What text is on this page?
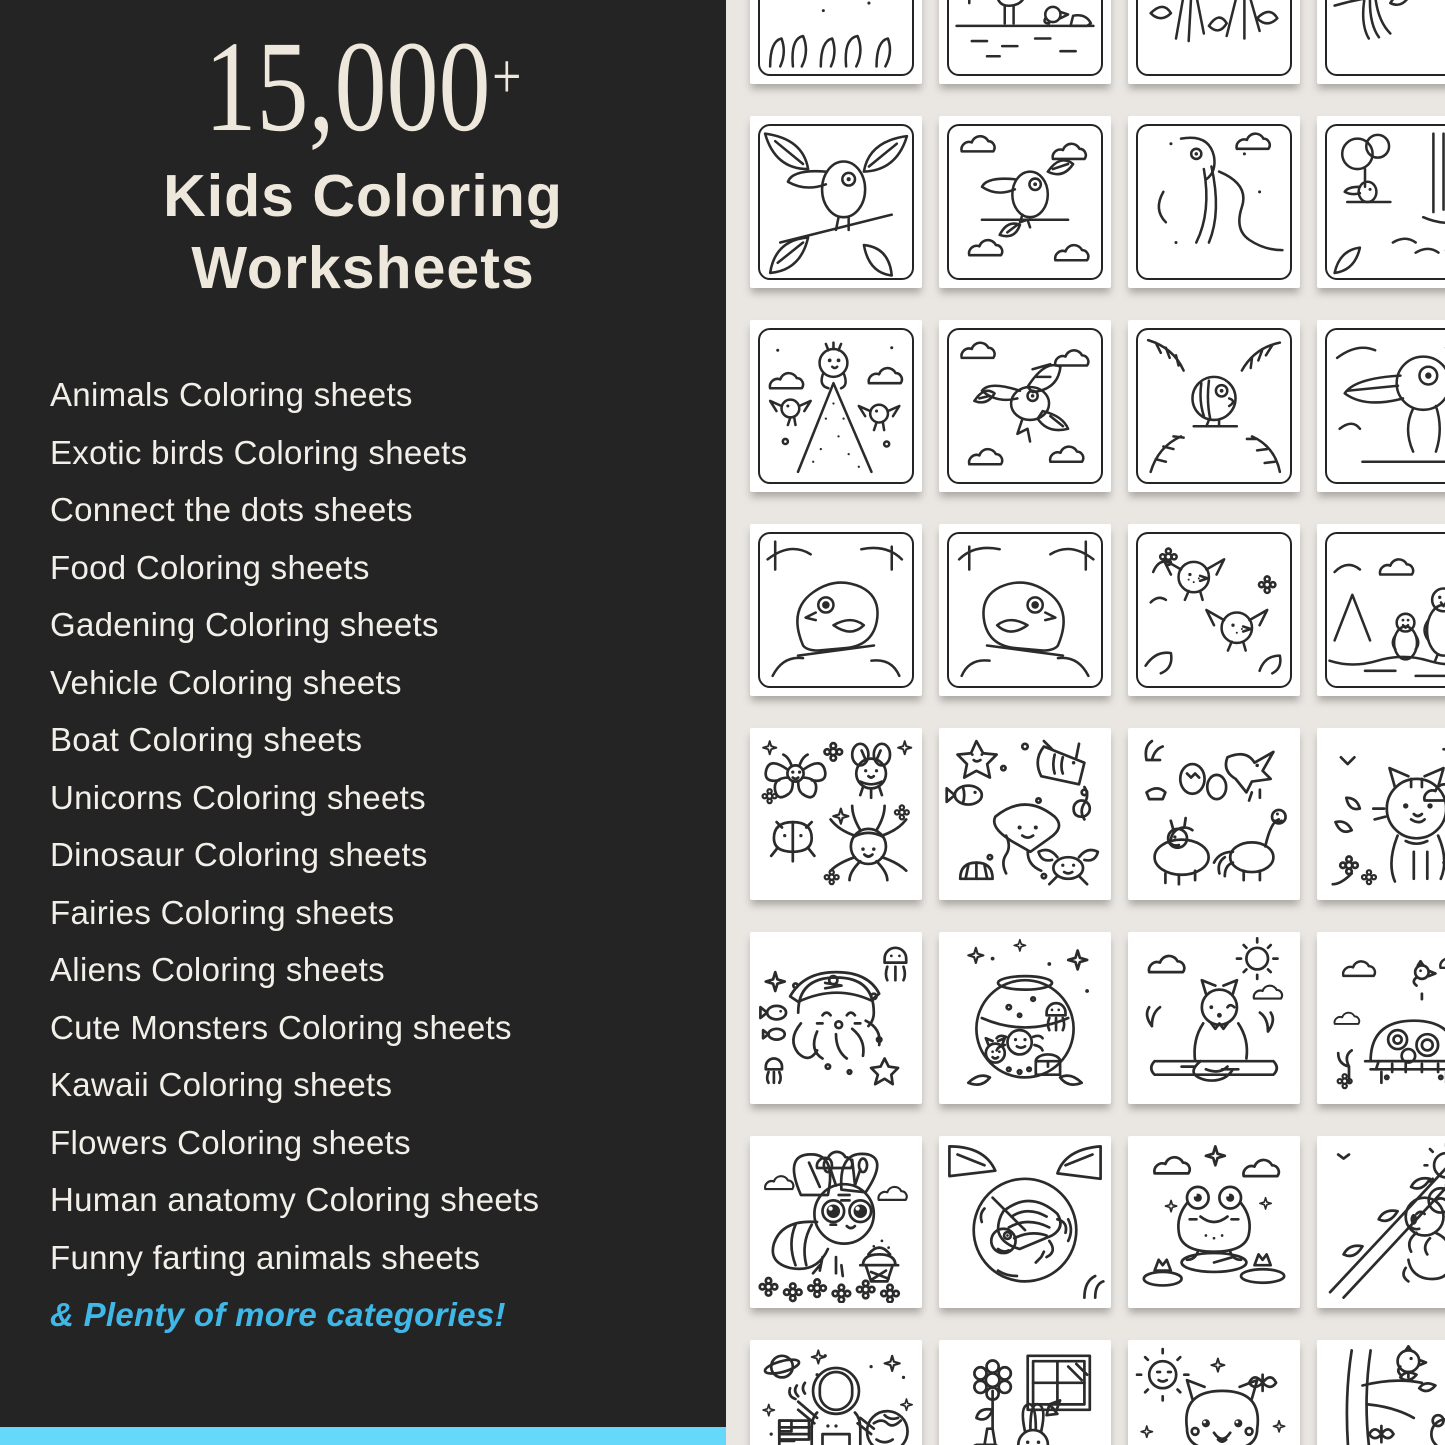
15,000+
Kids Coloring
Worksheets
Animals Coloring sheets
Exotic birds Coloring sheets
Connect the dots sheets
Food Coloring sheets
Gadening Coloring sheets
Vehicle Coloring sheets
Boat Coloring sheets
Unicorns Coloring sheets
Dinosaur Coloring sheets
Fairies Coloring sheets
Aliens Coloring sheets
Cute Monsters Coloring sheets
Kawaii Coloring sheets
Flowers Coloring sheets
Human anatomy Coloring sheets
Funny farting animals sheets

& Plenty of more categories!
